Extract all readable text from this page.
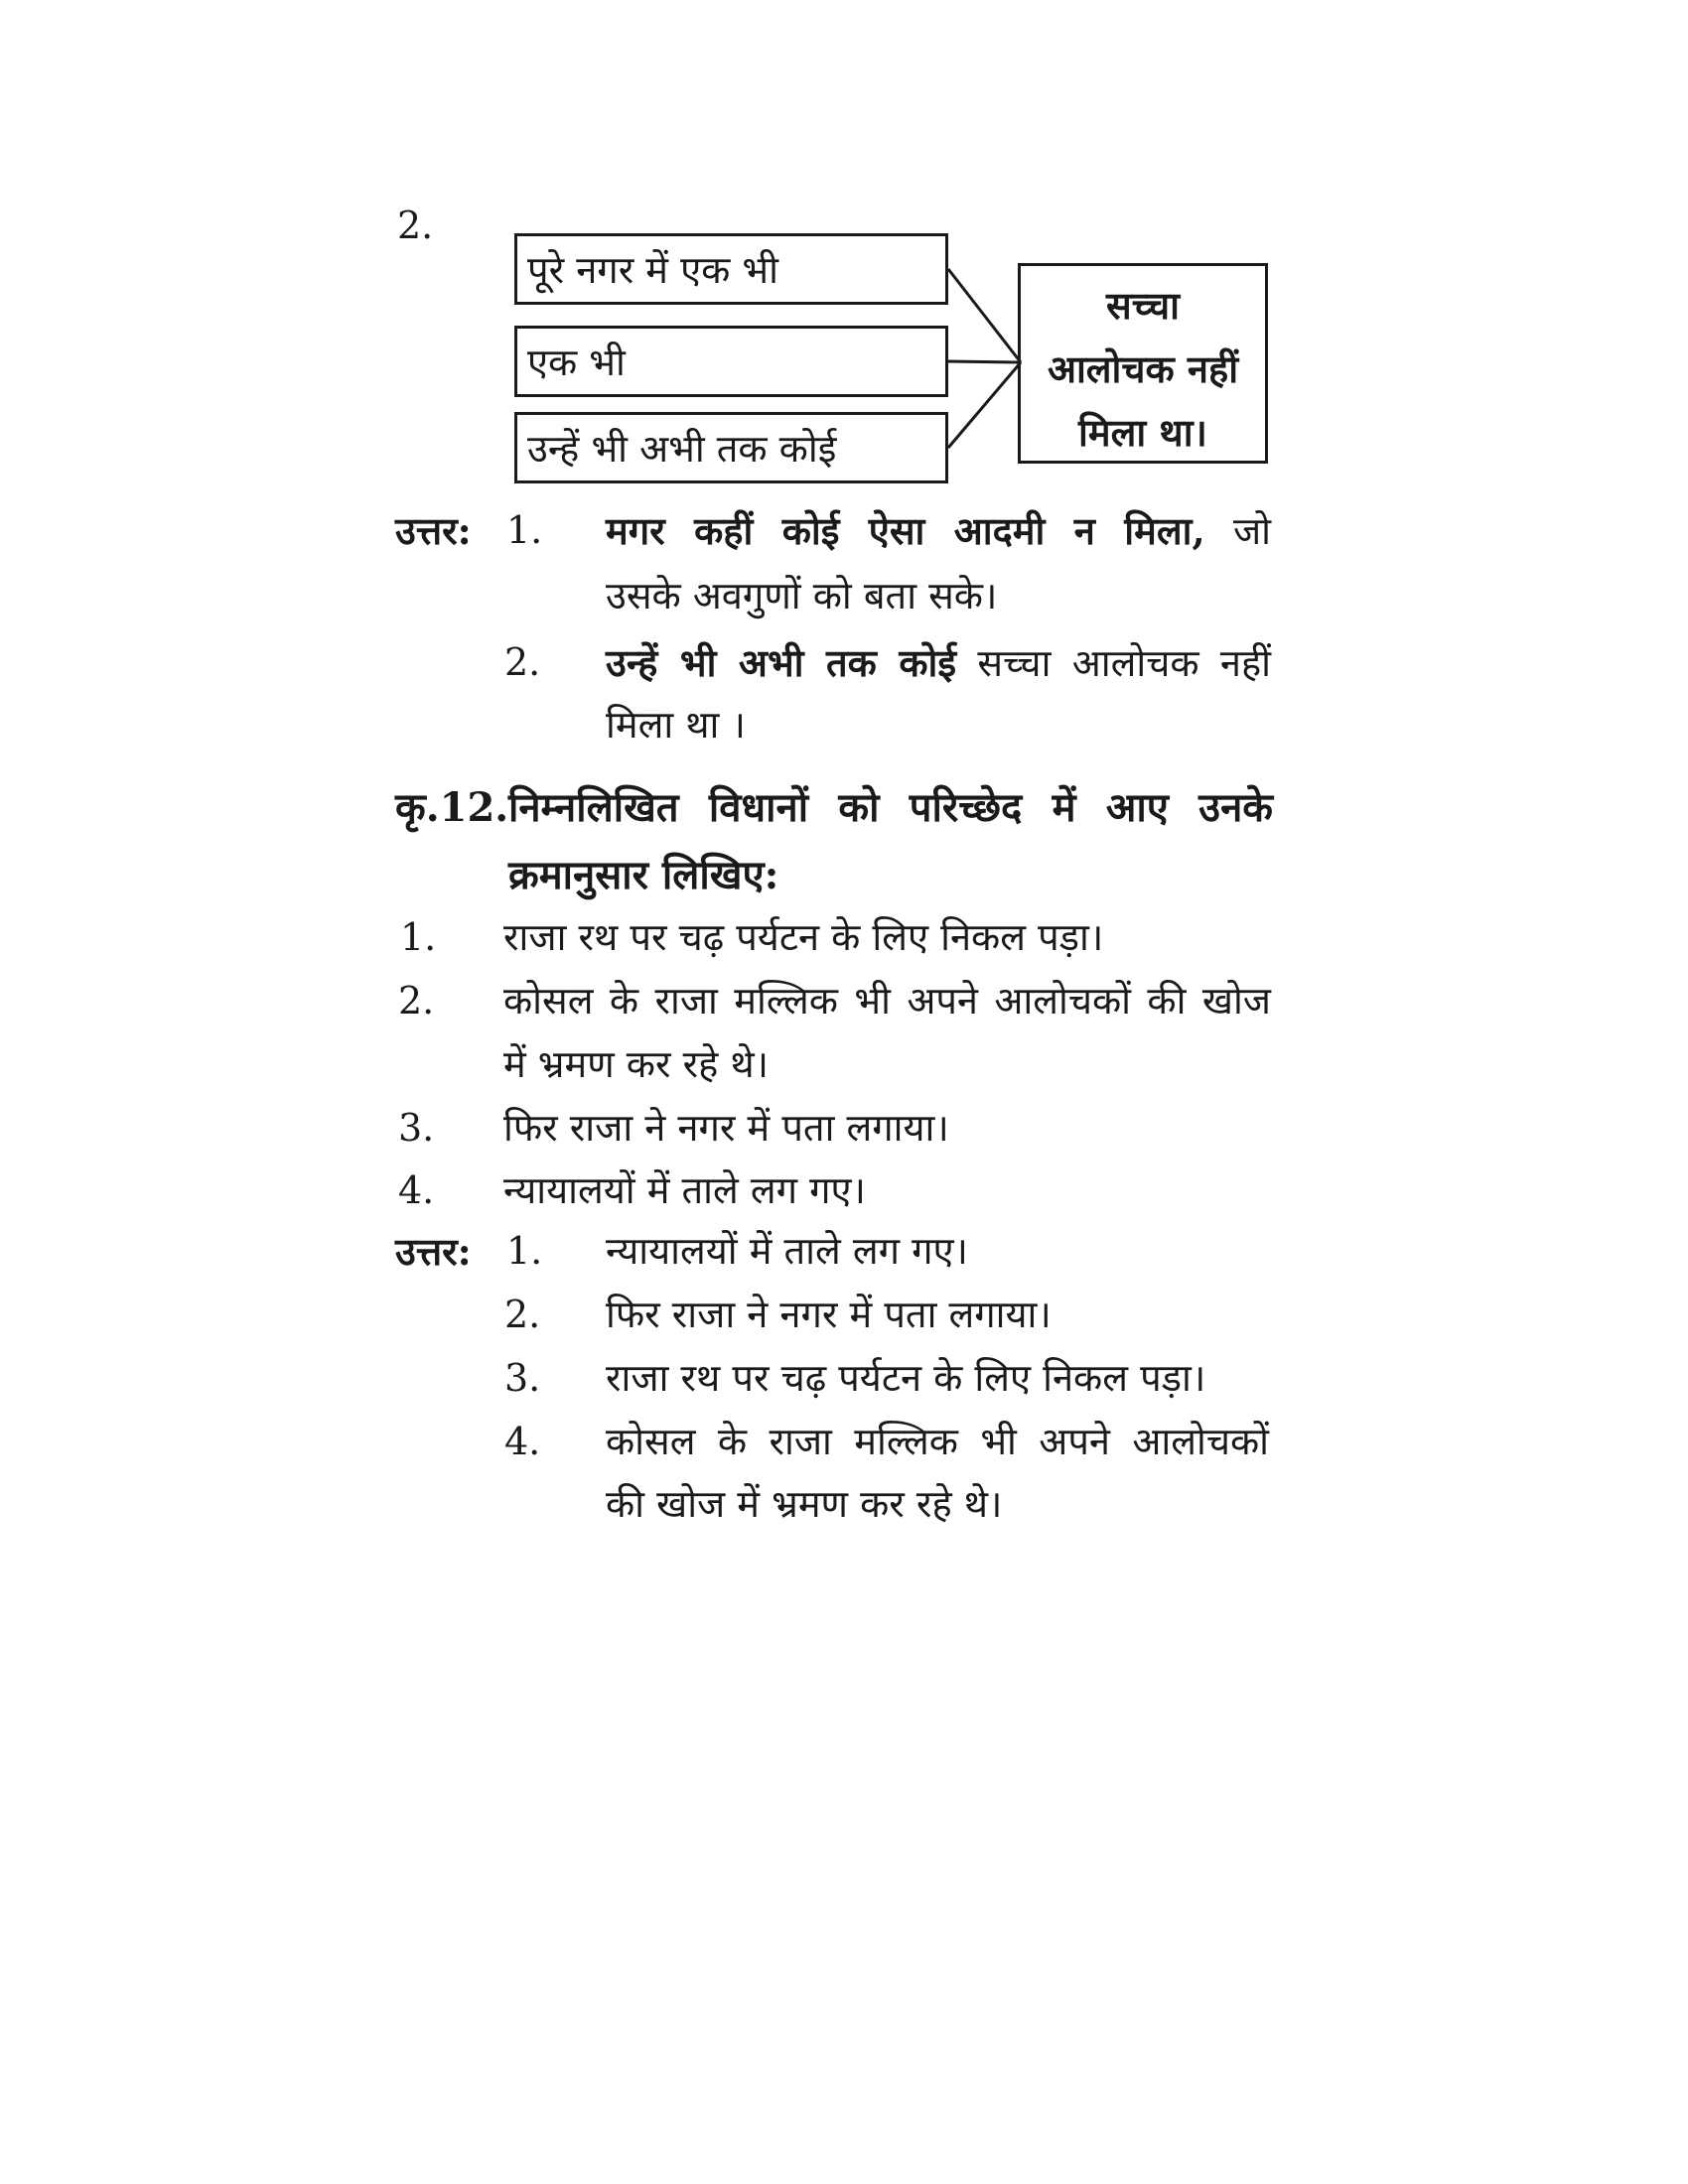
2.
पूरे नगर में एक भी
एक भी
उन्हें भी अभी तक कोई
सच्चा
आलोचक नहीं
मिला था।
उत्तर: 1. मगर कहीं कोई ऐसा आदमी न मिला, जो
उसके अवगुणों को बता सके।
2. उन्हें भी अभी तक कोई सच्चा आलोचक नहीं
मिला था ।
कृ.12. निम्नलिखित विधानों को परिच्छेद में आए उनके
क्रमानुसार लिखिए:
1. राजा रथ पर चढ़ पर्यटन के लिए निकल पड़ा।
2. कोसल के राजा मल्लिक भी अपने आलोचकों की खोज
में भ्रमण कर रहे थे।
3. फिर राजा ने नगर में पता लगाया।
4. न्यायालयों में ताले लग गए।
उत्तर: 1. न्यायालयों में ताले लग गए।
2. फिर राजा ने नगर में पता लगाया।
3. राजा रथ पर चढ़ पर्यटन के लिए निकल पड़ा।
4. कोसल के राजा मल्लिक भी अपने आलोचकों
की खोज में भ्रमण कर रहे थे।
